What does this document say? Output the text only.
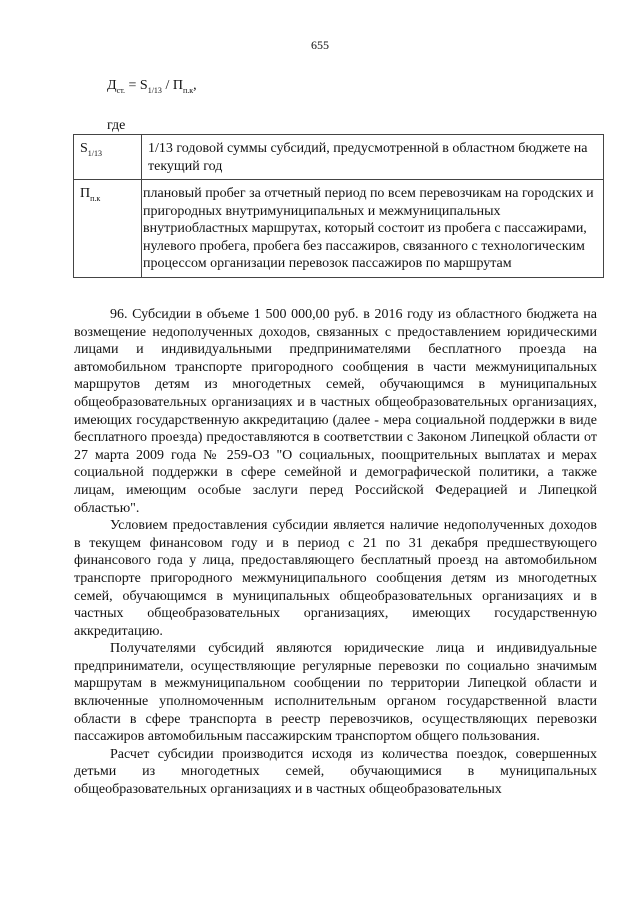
655
$Д_{ст.} = S_{1/13} / П_{п.к}$,
где
$S_{1/13}$	1/13 годовой суммы субсидий, предусмотренной в областном бюджете на текущий год
$П_{п.к}$	плановый пробег за отчетный период по всем перевозчикам на городских и пригородных внутримуниципальных и межмуниципальных внутриобластных маршрутах, который состоит из пробега с пассажирами, нулевого пробега, пробега без пассажиров, связанного с технологическим процессом организации перевозок пассажиров по маршрутам

96. Субсидии в объеме 1 500 000,00 руб. в 2016 году из областного бюджета на возмещение недополученных доходов, связанных с предоставлением юридическими лицами и индивидуальными предпринимателями бесплатного проезда на автомобильном транспорте пригородного сообщения в части межмуниципальных маршрутов детям из многодетных семей, обучающимся в муниципальных общеобразовательных организациях и в частных общеобразовательных организациях, имеющих государственную аккредитацию (далее - мера социальной поддержки в виде бесплатного проезда) предоставляются в соответствии с Законом Липецкой области от 27 марта 2009 года № 259-ОЗ "О социальных, поощрительных выплатах и мерах социальной поддержки в сфере семейной и демографической политики, а также лицам, имеющим особые заслуги перед Российской Федерацией и Липецкой областью".

Условием предоставления субсидии является наличие недополученных доходов в текущем финансовом году и в период с 21 по 31 декабря предшествующего финансового года у лица, предоставляющего бесплатный проезд на автомобильном транспорте пригородного межмуниципального сообщения детям из многодетных семей, обучающимся в муниципальных общеобразовательных организациях и в частных общеобразовательных организациях, имеющих государственную аккредитацию.

Получателями субсидий являются юридические лица и индивидуальные предприниматели, осуществляющие регулярные перевозки по социально значимым маршрутам в межмуниципальном сообщении по территории Липецкой области и включенные уполномоченным исполнительным органом государственной власти области в сфере транспорта в реестр перевозчиков, осуществляющих перевозки пассажиров автомобильным пассажирским транспортом общего пользования.

Расчет субсидии производится исходя из количества поездок, совершенных детьми из многодетных семей, обучающимися в муниципальных общеобразовательных организациях и в частных общеобразовательных
